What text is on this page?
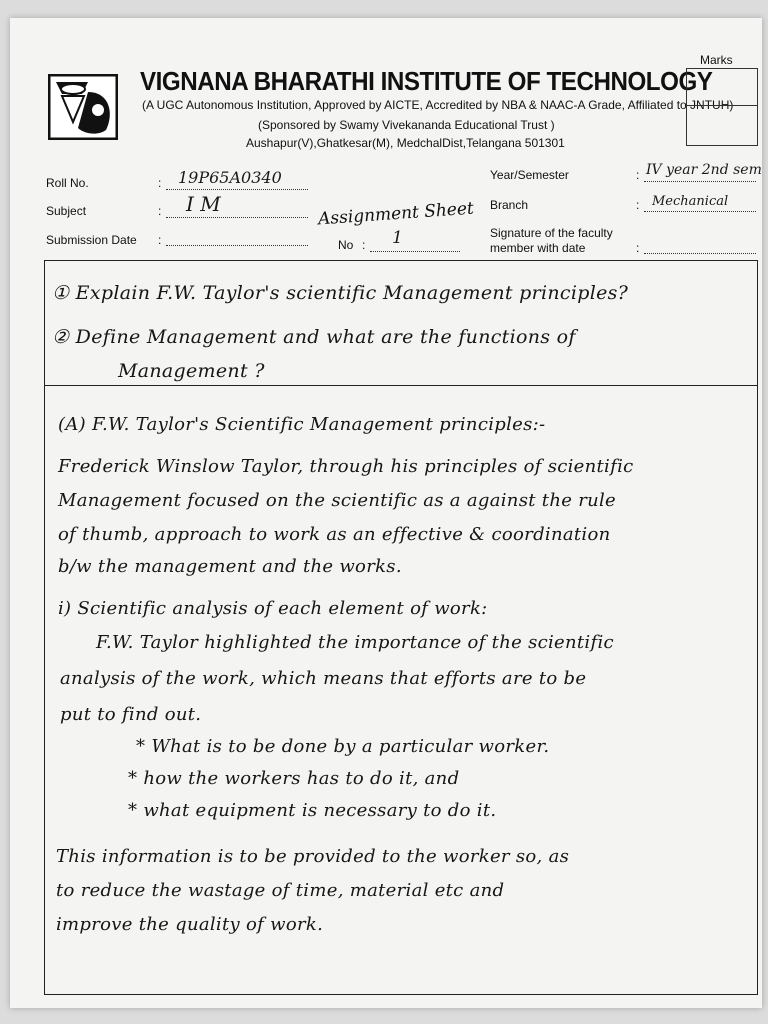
VIGNANA BHARATHI INSTITUTE OF TECHNOLOGY
(A UGC Autonomous Institution, Approved by AICTE, Accredited by NBA & NAAC-A Grade, Affiliated to JNTUH)
(Sponsored by Swamy Vivekananda Educational Trust )
Aushapur(V),Ghatkesar(M), MedchalDist,Telangana 501301
Marks
Roll No.	: 19P65A0340
Subject	: I M
Submission Date :
Assignment Sheet
No : 1
Year/Semester	: IV year 2nd sem
Branch	: Mechanical
Signature of the faculty
member with date	:
① Explain F.W. Taylor's scientific Management principles?
② Define Management and what are the functions of
Management ?
(A) F.W. Taylor's Scientific Management principles:-
Frederick Winslow Taylor, through his principles of scientific
Management focused on the scientific as a against the rule
of thumb, approach to work as an effective & coordination
b/w the management and the works.
i) Scientific analysis of each element of work:
F.W. Taylor highlighted the importance of the scientific
analysis of the work, which means that efforts are to be
put to find out.
* What is to be done by a particular worker.
* how the workers has to do it, and
* what equipment is necessary to do it.
This information is to be provided to the worker so, as
to reduce the wastage of time, material etc and
improve the quality of work.
